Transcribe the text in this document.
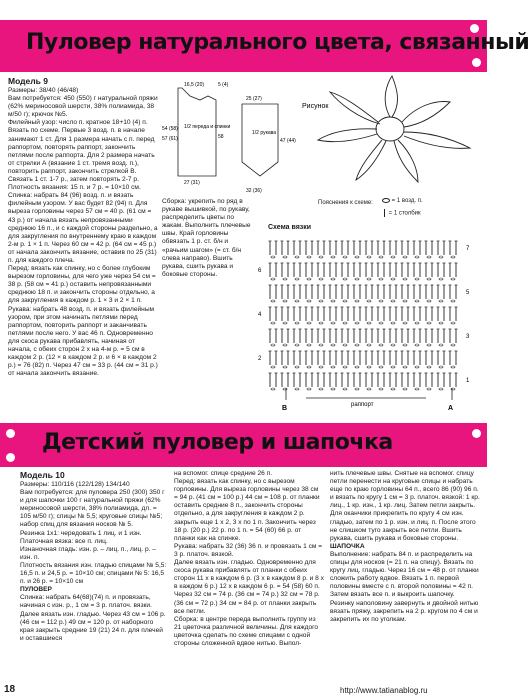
Пуловер натурального цвета, связанный

Модель 9

Размеры: 38/40 (46/48)

Вам потребуется: 450 (550) г натуральной пряжи (62% мериносовой шерсти, 38% полиамида, 38 м/50 г); крючок №5.

Филейный узор: число п. кратное 18+10 (4) п. Вязать по схеме. Первые 3 возд. п. в начале занимают 1 ст. Для 1 размера начать с п. перед раппортом, повторять раппорт, закончить петлями после раппорта. Для 2 размера начать от стрелки А (вязание 1 ст. тремя возд. п.), повторить раппорт, закончить стрелкой В. Связать 1 ст. 1-7 р., затем повторять 2-7 р.

Плотность вязания: 15 п. и 7 р. = 10×10 см.

Спинка: набрать 84 (96) возд. п. и вязать филейным узором. У вас будет 82 (94) п. Для выреза горловины через 57 см = 40 р. (61 см = 43 р.) от начала вязать непровязанными среднюю 16 п., и с каждой стороны раздельно, а для закругления по внутреннему краю в каждом 2-м р. 1 × 1 п. Через 60 см = 42 р. (64 см = 45 р.) от начала закончить вязание, оставив по 25 (31) п. для каждого плеча.

Перед: вязать как спинку, но с более глубоким вырезом горловины, для чего уже через 54 см = 38 р. (58 см = 41 р.) оставить непровязанными среднюю 18 п. и закончить стороны отдельно, а для закругления в каждом р. 1 × 3 и 2 × 1 п.

Рукава: набрать 48 возд. п. и вязать филейным узором, при этом начинать петлями перед раппортом, повторить раппорт и заканчивать петлями после него. У вас 46 п. Одновременно для скоса рукава прибавлять, начиная от начала, с обеих сторон 2 х на 4-м р. = 5 см в каждом 2 р. (12 × в каждом 2 р. и 6 × в каждом 2 р.) = 76 (82) п. Через 47 см = 33 р. (44 см = 31 р.) от начала закончить вязание.

Сборка: укрепить по ряд в рукаве вышивкой, по рукаву, распределить цветы по жакам. Выполнить плечевые швы. Край горловины обвязать 1 р. ст. б/н и «рачьим шагом» (= ст. б/н слева направо). Вшить рукава, сшить рукава и боковые стороны.

16,5 (20)	5 (4)
54 (58)
57 (61)
1/2 переда и спинки
27 (31)
58
25 (27)
1/2 рукава
47 (44)
32 (36)
Рисунок
Пояснения к схеме:	= 1 возд. п.
= 1 столбик
Схема вязки
7
6
5
4
3
2
1
раппорт
B	A
Детский пуловер и шапочка

Модель 10

Размеры: 110/116 (122/128) 134/140

Вам потребуется: для пуловера 250 (300) 350 г и для шапочки 100 г натуральной пряжи (62% мериносовой шерсти, 38% полиамида, дл. = 105 м/50 г); спицы № 5,5; круговые спицы №5; набор спиц для вязания носков № 5.

Резинка 1x1: чередовать 1 лиц. и 1 изн.

Платочная вязка: все п. лиц.

Изнаночная гладь: изн. р. – лиц. п., лиц. р. – изн. п.

Плотность вязания изн. гладью спицами № 5,5: 16,5 п. и 24,5 р. = 10×10 см; спицами № 5: 16,5 п. и 26 р. = 10×10 см

ПУЛОВЕР

Спинка: набрать 64(68)(74) п. и провязать, начиная с изн. р., 1 см = 3 р. платоч. вязки. Далее вязать изн. гладью. Через 43 см = 106 р. (46 см = 112 р.) 49 см = 120 р. от наборного края закрыть средние 19 (21) 24 п. для плечей и оставшиеся

на вспомог. спице средние 26 п.

Перед: вязать как спинку, но с вырезом горловины. Для выреза горловины через 38 см = 94 р. (41 см = 100 р.) 44 см = 108 р. от планки оставить средние 8 п., закончить стороны отдельно, а для закругления в каждом 2 р. закрыть еще 1 х 2, 3 х по 1 п. Закончить через 18 р. (20 р.) 22 р. по 1 п. = 54 (60) 66 р. от планки как на спинке.

Рукава: набрать 32 (36) 36 п. и провязать 1 см = 3 р. платоч. вязкой.

Далее вязать изн. гладью. Одновременно для скоса рукава прибавлять от планки с обеих сторон 11 х в каждом 6 р. (3 х в каждом 8 р. и 8 х в каждом 6 р.) 12 х в каждом 6 р. = 54 (58) 60 п. Через 32 см = 74 р. (36 см = 74 р.) 32 см = 78 р. (36 см = 72 р.) 34 см = 84 р. от планки закрыть все петли.

Сборка: в центре переда выполнить группу из 21 цветочка различной величины. Для каждого цветочка сделать по схеме спицами с одной стороны сложенной вдвое нитью. Выпол-

нить плечевые швы. Снятые на вспомог. спицу петли перенести на круговые спицы и набрать еще по краю горловины 64 п., всего 86 (90) 96 п. и вязать по кругу 1 см = 3 р. платоч. вязкой: 1 кр. лиц., 1 кр. изн., 1 кр. лиц. Затем петли закрыть.

Для оканчики прикрепить по кругу 4 см изн. гладью, затем по 1 р. изн. и лиц. п. После этого не слишком туго закрыть все петли. Вшить рукава, сшить рукава и боковые стороны.

ШАПОЧКА

Выполнение: набрать 84 п. и распределить на спицы для носков (= 21 п. на спицу). Вязать по кругу лиц. гладью. Через 16 см = 48 р. от планки сложить работу вдвое. Вязать 1 п. первой половины вместе с п. второй половины = 42 п. Затем вязать все п. и выкроить шапочку. Резинку наполовину завернуть и двойной нитью вязать пряжу, закрепить на 2 р. кругом по 4 см и закрепить их по уголкам.

18	http://www.tatianablog.ru
